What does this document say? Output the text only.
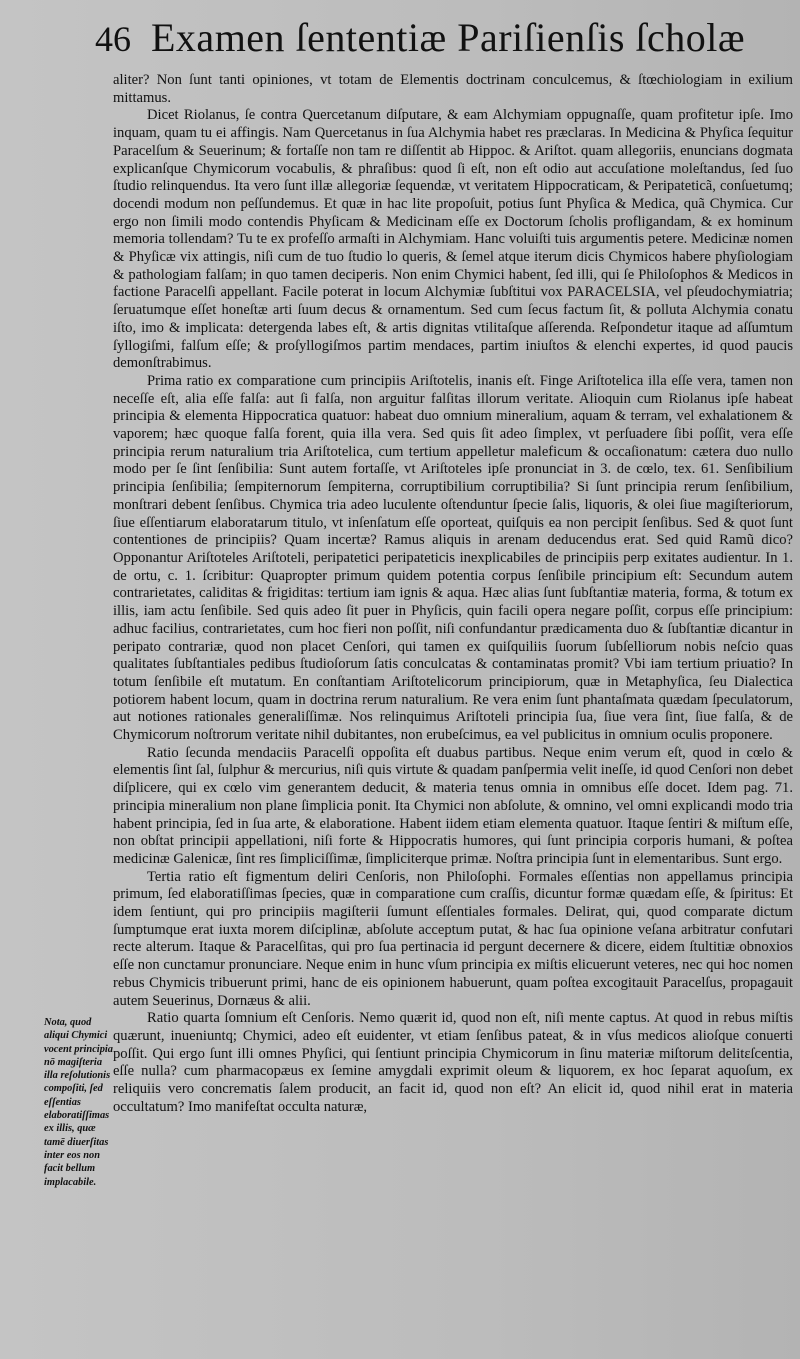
46 Examen ſententiæ Pariſienſis ſcholæ

aliter? Non ſunt tanti opiniones, vt totam de Elementis doctrinam conculcemus, & ſtœchiologiam in exilium mittamus.

Dicet Riolanus, ſe contra Quercetanum diſputare, & eam Alchymiam oppugnaſſe, quam profitetur ipſe. Imo inquam, quam tu ei affingis. Nam Quercetanus in ſua Alchymia habet res præclaras. In Medicina & Phyſica ſequitur Paracelſum & Seuerinum; & fortaſſe non tam re diſſentit ab Hippoc. & Ariſtot. quam allegoriis, enuncians dogmata explicanſque Chymicorum vocabulis, & phraſibus: quod ſi eſt, non eſt odio aut accuſatione moleſtandus, ſed ſuo ſtudio relinquendus. Ita vero ſunt illæ allegoriæ ſequendæ, vt veritatem Hippocraticam, & Peripateticã, conſuetumq; docendi modum non peſſundemus. Et quæ in hac lite propoſuit, potius ſunt Phyſica & Medica, quã Chymica. Cur ergo non ſimili modo contendis Phyſicam & Medicinam eſſe ex Doctorum ſcholis profligandam, & ex hominum memoria tollendam? Tu te ex profeſſo armaſti in Alchymiam. Hanc voluiſti tuis argumentis petere. Medicinæ nomen & Phyſicæ vix attingis, niſi cum de tuo ſtudio lo queris, & ſemel atque iterum dicis Chymicos habere phyſiologiam & pathologiam falſam; in quo tamen deciperis. Non enim Chymici habent, ſed illi, qui ſe Philoſophos & Medicos in factione Paracelſi appellant. Facile poterat in locum Alchymiæ ſubſtitui vox PARACELSIA, vel pſeudochymiatria; ſeruatumque eſſet honeſtæ arti ſuum decus & ornamentum. Sed cum ſecus factum ſit, & polluta Alchymia conatu iſto, imo & implicata: detergenda labes eſt, & artis dignitas vtilitaſque aſſerenda. Reſpondetur itaque ad aſſumtum ſyllogiſmi, falſum eſſe; & proſyllogiſmos partim mendaces, partim iniuſtos & elenchi expertes, id quod paucis demonſtrabimus.

Prima ratio ex comparatione cum principiis Ariſtotelis, inanis eſt. Finge Ariſtotelica illa eſſe vera, tamen non neceſſe eſt, alia eſſe falſa: aut ſi falſa, non arguitur falſitas illorum veritate. Alioquin cum Riolanus ipſe habeat principia & elementa Hippocratica quatuor: habeat duo omnium mineralium, aquam & terram, vel exhalationem & vaporem; hæc quoque falſa forent, quia illa vera. Sed quis ſit adeo ſimplex, vt perſuadere ſibi poſſit, vera eſſe principia rerum naturalium tria Ariſtotelica, cum tertium appelletur maleficum & occaſionatum: cætera duo nullo modo per ſe ſint ſenſibilia: Sunt autem fortaſſe, vt Ariſtoteles ipſe pronunciat in 3. de cœlo, tex. 61. Senſibilium principia ſenſibilia; ſempiternorum ſempiterna, corruptibilium corruptibilia? Si ſunt principia rerum ſenſibilium, monſtrari debent ſenſibus. Chymica tria adeo luculente oſtenduntur ſpecie ſalis, liquoris, & olei ſiue magiſteriorum, ſiue eſſentiarum elaboratarum titulo, vt inſenſatum eſſe oporteat, quiſquis ea non percipit ſenſibus. Sed & quot ſunt contentiones de principiis? Quam incertæ? Ramus aliquis in arenam deducendus erat. Sed quid Ramũ dico? Opponantur Ariſtoteles Ariſtoteli, peripatetici peripateticis inexplicabiles de principiis perp exitates audientur. In 1. de ortu, c. 1. ſcribitur: Quapropter primum quidem potentia corpus ſenſibile principium eſt: Secundum autem contrarietates, caliditas & frigiditas: tertium iam ignis & aqua. Hæc alias ſunt ſubſtantiæ materia, forma, & totum ex illis, iam actu ſenſibile. Sed quis adeo ſit puer in Phyſicis, quin facili opera negare poſſit, corpus eſſe principium: adhuc facilius, contrarietates, cum hoc fieri non poſſit, niſi confundantur prædicamenta duo & ſubſtantiæ dicantur in peripato contrariæ, quod non placet Cenſori, qui tamen ex quiſquiliis ſuorum ſubſelliorum nobis neſcio quas qualitates ſubſtantiales pedibus ſtudioſorum ſatis conculcatas & contaminatas promit? Vbi iam tertium priuatio? In totum ſenſibile eſt mutatum. En conſtantiam Ariſtotelicorum principiorum, quæ in Metaphyſica, ſeu Dialectica potiorem habent locum, quam in doctrina rerum naturalium. Re vera enim ſunt phantaſmata quædam ſpeculatorum, aut notiones rationales generaliſſimæ. Nos relinquimus Ariſtoteli principia ſua, ſiue vera ſint, ſiue falſa, & de Chymicorum noſtrorum veritate nihil dubitantes, non erubeſcimus, ea vel publicitus in omnium oculis proponere.

Ratio ſecunda mendaciis Paracelſi oppoſita eſt duabus partibus. Neque enim verum eſt, quod in cœlo & elementis ſint ſal, ſulphur & mercurius, niſi quis virtute & quadam panſpermia velit ineſſe, id quod Cenſori non debet diſplicere, qui ex cœlo vim generantem deducit, & materia tenus omnia in omnibus eſſe docet. Idem pag. 71. principia mineralium non plane ſimplicia ponit. Ita Chymici non abſolute, & omnino, vel omni explicandi modo tria habent principia, ſed in ſua arte, & elaboratione. Habent iidem etiam elementa quatuor. Itaque ſentiri & miſtum eſſe, non obſtat principii appellationi, niſi forte & Hippocratis humores, qui ſunt principia corporis humani, & poſtea medicinæ Galenicæ, ſint res ſimpliciſſimæ, ſimpliciterque primæ. Noſtra principia ſunt in elementaribus. Sunt ergo.

Tertia ratio eſt figmentum deliri Cenſoris, non Philoſophi. Formales eſſentias non appellamus principia primum, ſed elaboratiſſimas ſpecies, quæ in comparatione cum craſſis, dicuntur formæ quædam eſſe, & ſpiritus: Et idem ſentiunt, qui pro principiis magiſterii ſumunt eſſentiales formales. Delirat, qui, quod comparate dictum ſumptumque erat iuxta morem diſciplinæ, abſolute acceptum putat, & hac ſua opinione veſana arbitratur confutari recte alterum. Itaque & Paracelſitas, qui pro ſua pertinacia id pergunt decernere & dicere, eidem ſtultitiæ obnoxios eſſe non cunctamur pronunciare. Neque enim in hunc vſum principia ex miſtis elicuerunt veteres, nec qui hoc nomen rebus Chymicis tribuerunt primi, hanc de eis opinionem habuerunt, quam poſtea excogitauit Paracelſus, propagauit autem Seuerinus, Dornæus & alii.

Ratio quarta ſomnium eſt Cenſoris. Nemo quærit id, quod non eſt, niſi mente captus. At quod in rebus miſtis quærunt, inueniuntq; Chymici, adeo eſt euidenter, vt etiam ſenſibus pateat, & in vſus medicos alioſque conuerti poſſit. Qui ergo ſunt illi omnes Phyſici, qui ſentiunt principia Chymicorum in ſinu materiæ miſtorum delitεſcentia, eſſe nulla? cum pharmacopæus ex ſemine amygdali exprimit oleum & liquorem, ex hoc ſeparat aquoſum, ex reliquiis vero concrematis ſalem producit, an facit id, quod non eſt? An elicit id, quod nihil erat in materia occultatum? Imo manifeſtat occulta naturæ,

Nota, quod aliqui Chymici vocent principia nō magiſteria illa reſolutionis compoſiti, ſed eſſentias elaboratiſſimas ex illis, quæ tamē diuerſitas inter eos non facit bellum implacabile.
